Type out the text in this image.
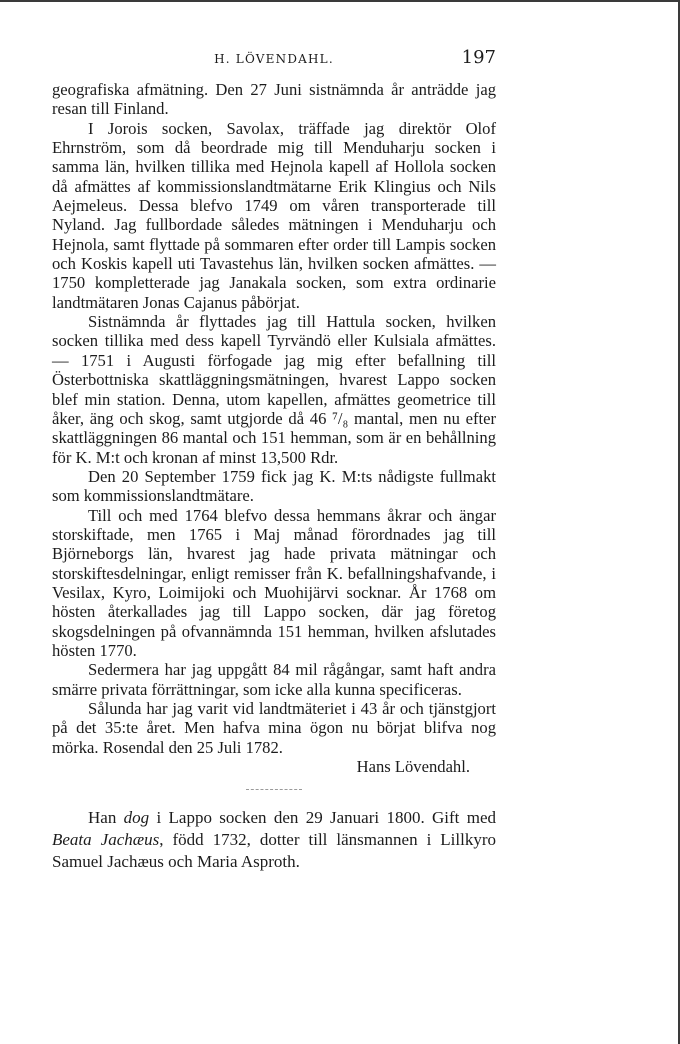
H. LÖVENDAHL.	197

geografiska afmätning. Den 27 Juni sistnämnda år anträdde jag resan till Finland.

I Jorois socken, Savolax, träffade jag direktör Olof Ehrnström, som då beordrade mig till Menduharju socken i samma län, hvilken tillika med Hejnola kapell af Hollola socken då afmättes af kommissionslandtmätarne Erik Klingius och Nils Aejmeleus. Dessa blefvo 1749 om våren transporterade till Nyland. Jag fullbordade således mätningen i Menduharju och Hejnola, samt flyttade på sommaren efter order till Lampis socken och Koskis kapell uti Tavastehus län, hvilken socken afmättes. — 1750 kompletterade jag Janakala socken, som extra ordinarie landtmätaren Jonas Cajanus påbörjat.

Sistnämnda år flyttades jag till Hattula socken, hvilken socken tillika med dess kapell Tyrvändö eller Kulsiala afmättes. — 1751 i Augusti förfogade jag mig efter befallning till Österbottniska skattläggningsmätningen, hvarest Lappo socken blef min station. Denna, utom kapellen, afmättes geometrice till åker, äng och skog, samt utgjorde då 46 ⁷/₈ mantal, men nu efter skattläggningen 86 mantal och 151 hemman, som är en behållning för K. M:t och kronan af minst 13,500 Rdr.

Den 20 September 1759 fick jag K. M:ts nådigste fullmakt som kommissionslandtmätare.

Till och med 1764 blefvo dessa hemmans åkrar och ängar storskiftade, men 1765 i Maj månad förordnades jag till Björneborgs län, hvarest jag hade privata mätningar och storskiftesdelningar, enligt remisser från K. befallningshafvande, i Vesilax, Kyro, Loimijoki och Muohijärvi socknar. År 1768 om hösten återkallades jag till Lappo socken, där jag företog skogsdelningen på ofvannämnda 151 hemman, hvilken afslutades hösten 1770.

Sedermera har jag uppgått 84 mil rågångar, samt haft andra smärre privata förrättningar, som icke alla kunna specificeras.

Sålunda har jag varit vid landtmäteriet i 43 år och tjänstgjort på det 35:te året. Men hafva mina ögon nu börjat blifva nog mörka. Rosendal den 25 Juli 1782.

Hans Lövendahl.

Han dog i Lappo socken den 29 Januari 1800. Gift med Beata Jachæus, född 1732, dotter till länsmannen i Lillkyro Samuel Jachæus och Maria Asproth.
